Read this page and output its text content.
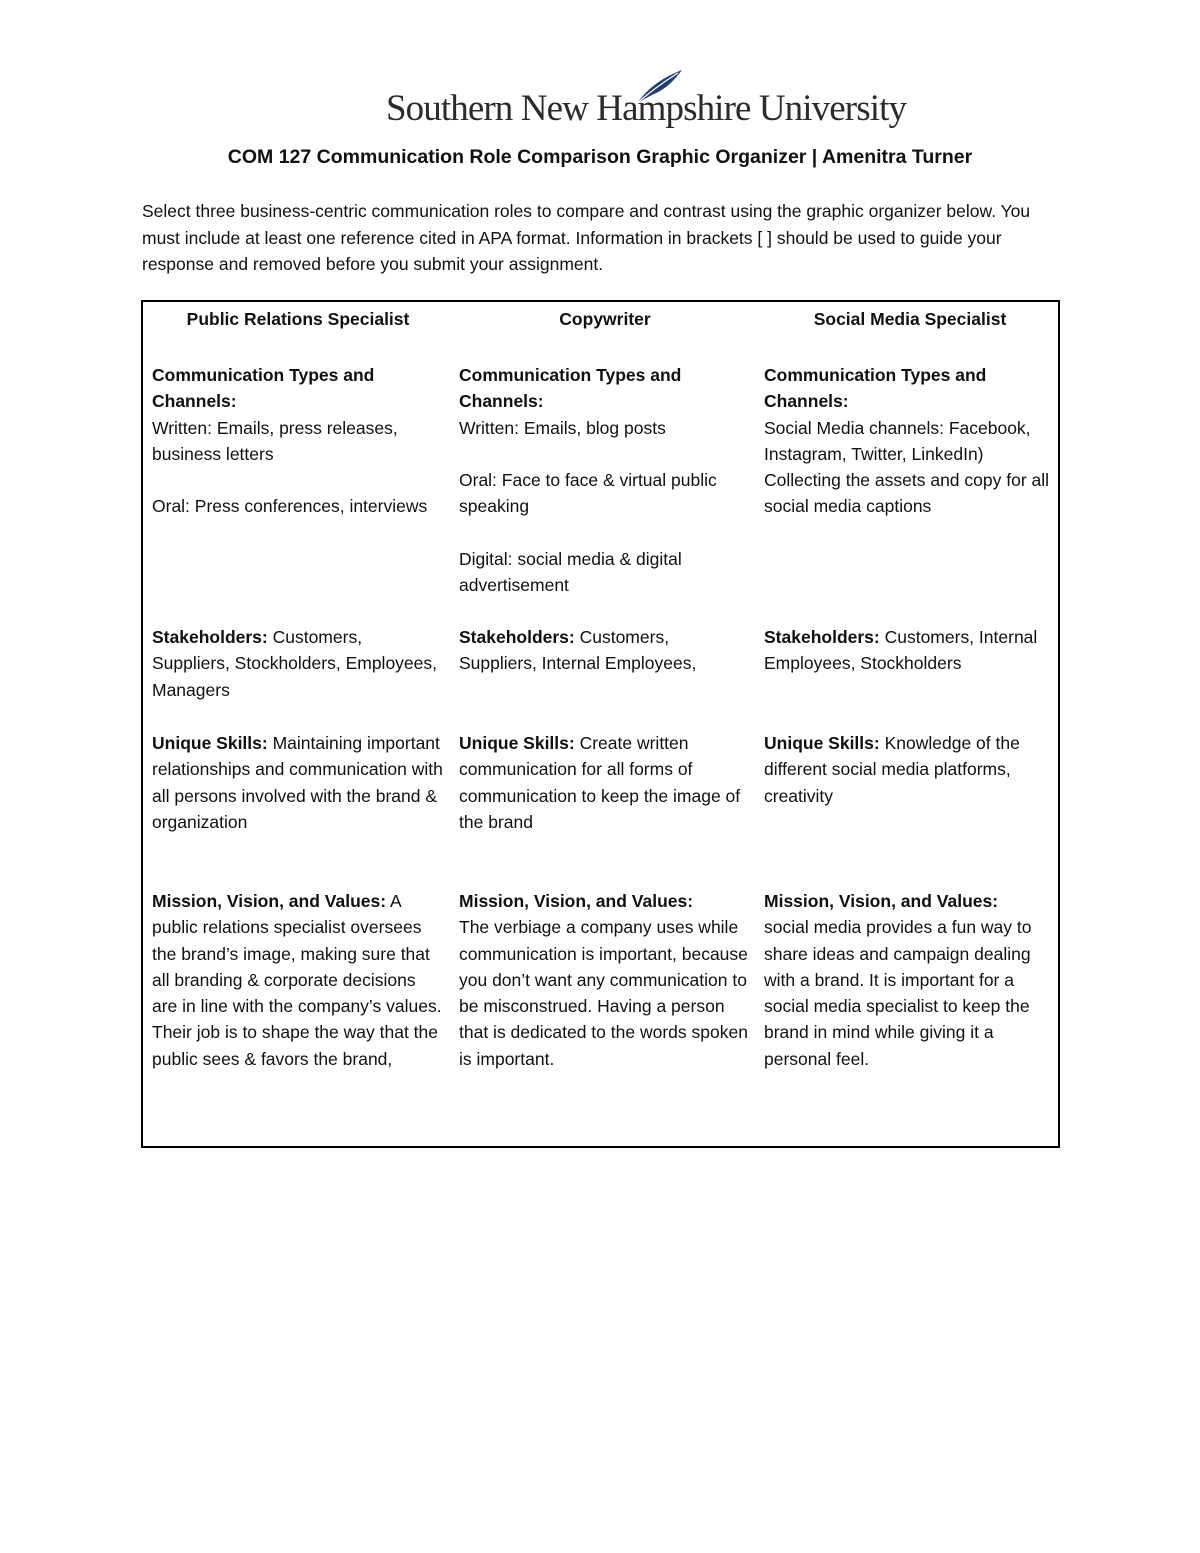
Southern New Hampshire University
COM 127 Communication Role Comparison Graphic Organizer | Amenitra Turner
Select three business-centric communication roles to compare and contrast using the graphic organizer below. You must include at least one reference cited in APA format. Information in brackets [ ] should be used to guide your response and removed before you submit your assignment.
Public Relations Specialist
Communication Types and Channels:
Written: Emails, press releases, business letters
Oral: Press conferences, interviews
Stakeholders: Customers, Suppliers, Stockholders, Employees, Managers
Unique Skills: Maintaining important relationships and communication with all persons involved with the brand & organization
Mission, Vision, and Values: A public relations specialist oversees the brand’s image, making sure that all branding & corporate decisions are in line with the company’s values. Their job is to shape the way that the public sees & favors the brand,
Copywriter
Communication Types and Channels:
Written: Emails, blog posts
Oral: Face to face & virtual public speaking
Digital: social media & digital advertisement
Stakeholders: Customers, Suppliers, Internal Employees,
Unique Skills: Create written communication for all forms of communication to keep the image of the brand
Mission, Vision, and Values:
The verbiage a company uses while communication is important, because you don’t want any communication to be misconstrued. Having a person that is dedicated to the words spoken is important.
Social Media Specialist
Communication Types and Channels:
Social Media channels: Facebook, Instagram, Twitter, LinkedIn) Collecting the assets and copy for all social media captions
Stakeholders: Customers, Internal Employees, Stockholders
Unique Skills: Knowledge of the different social media platforms, creativity
Mission, Vision, and Values:
social media provides a fun way to share ideas and campaign dealing with a brand. It is important for a social media specialist to keep the brand in mind while giving it a personal feel.
